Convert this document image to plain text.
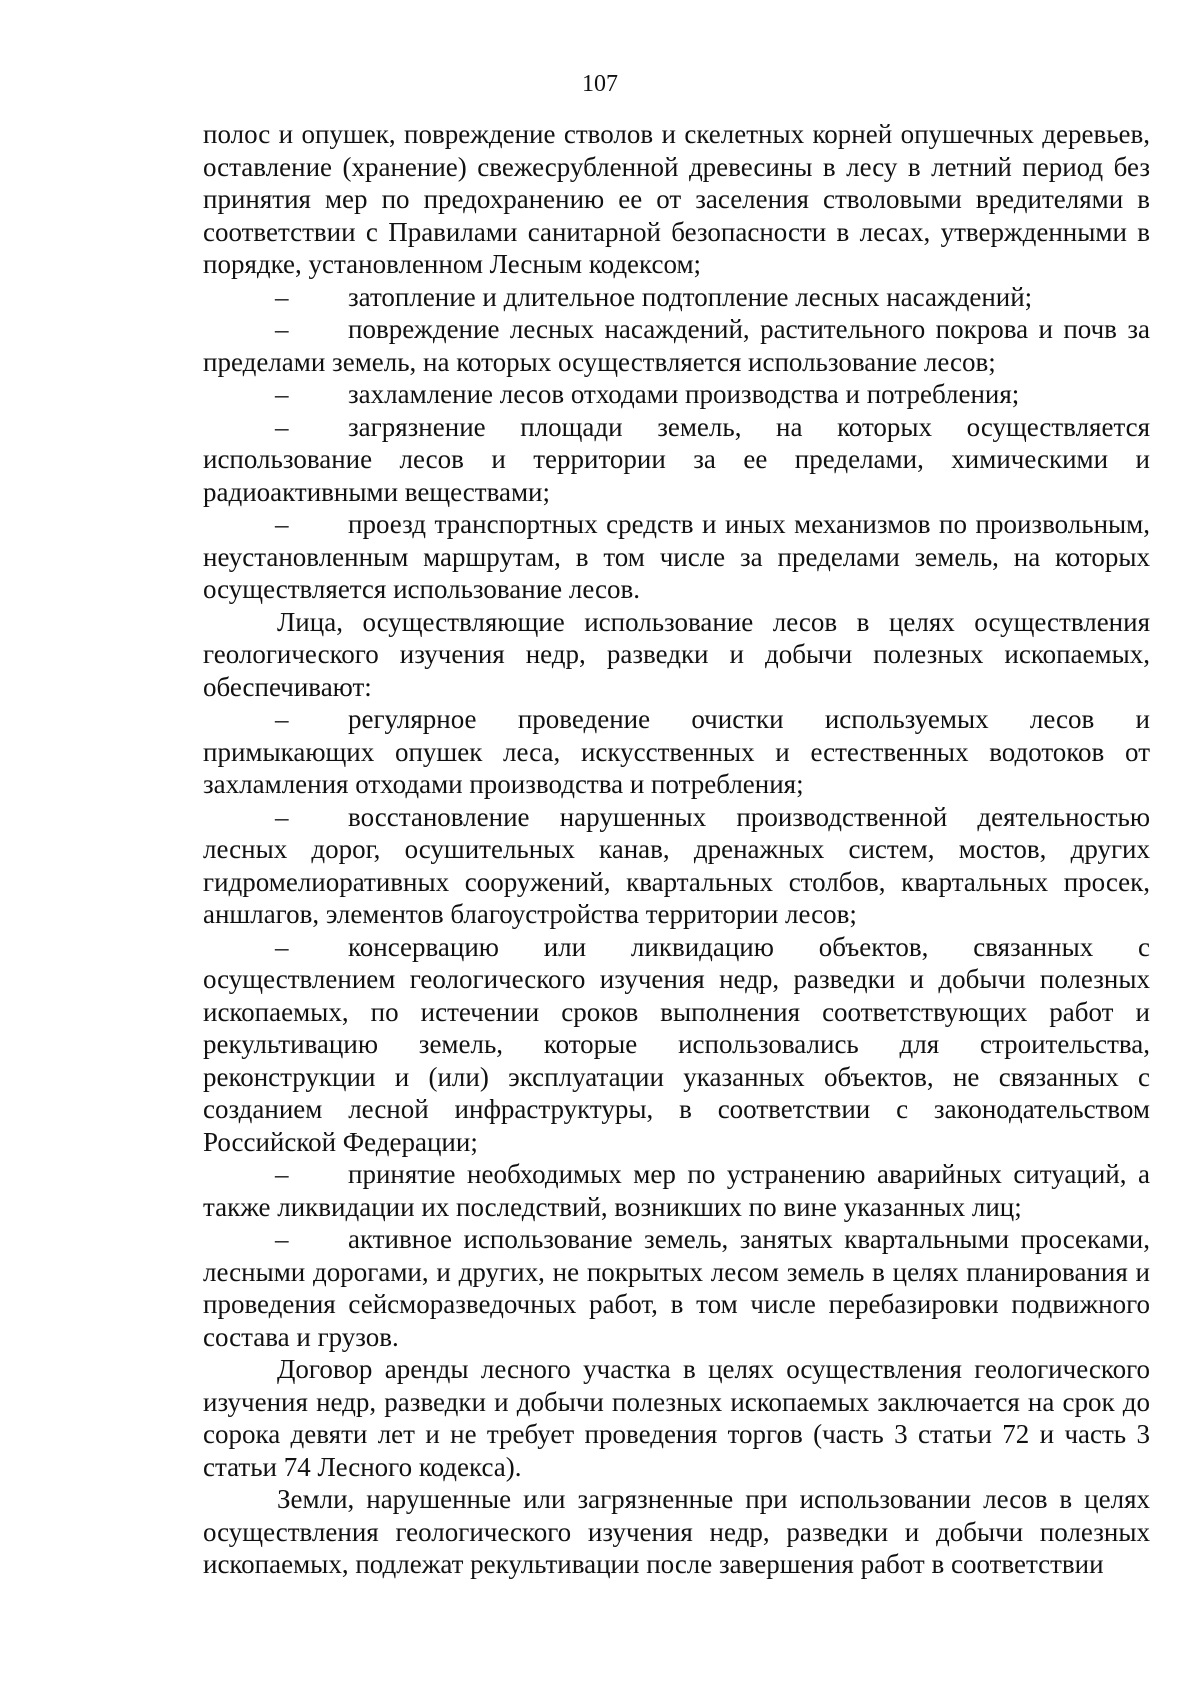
107

полос и опушек, повреждение стволов и скелетных корней опушечных деревьев, оставление (хранение) свежесрубленной древесины в лесу в летний период без принятия мер по предохранению ее от заселения стволовыми вредителями в соответствии с Правилами санитарной безопасности в лесах, утвержденными в порядке, установленном Лесным кодексом;

– затопление и длительное подтопление лесных насаждений;

– повреждение лесных насаждений, растительного покрова и почв за пределами земель, на которых осуществляется использование лесов;

– захламление лесов отходами производства и потребления;

– загрязнение площади земель, на которых осуществляется использование лесов и территории за ее пределами, химическими и радиоактивными веществами;

– проезд транспортных средств и иных механизмов по произвольным, неустановленным маршрутам, в том числе за пределами земель, на которых осуществляется использование лесов.

Лица, осуществляющие использование лесов в целях осуществления геологического изучения недр, разведки и добычи полезных ископаемых, обеспечивают:

– регулярное проведение очистки используемых лесов и примыкающих опушек леса, искусственных и естественных водотоков от захламления отходами производства и потребления;

– восстановление нарушенных производственной деятельностью лесных дорог, осушительных канав, дренажных систем, мостов, других гидромелиоративных сооружений, квартальных столбов, квартальных просек, аншлагов, элементов благоустройства территории лесов;

– консервацию или ликвидацию объектов, связанных с осуществлением геологического изучения недр, разведки и добычи полезных ископаемых, по истечении сроков выполнения соответствующих работ и рекультивацию земель, которые использовались для строительства, реконструкции и (или) эксплуатации указанных объектов, не связанных с созданием лесной инфраструктуры, в соответствии с законодательством Российской Федерации;

– принятие необходимых мер по устранению аварийных ситуаций, а также ликвидации их последствий, возникших по вине указанных лиц;

– активное использование земель, занятых квартальными просеками, лесными дорогами, и других, не покрытых лесом земель в целях планирования и проведения сейсморазведочных работ, в том числе перебазировки подвижного состава и грузов.

Договор аренды лесного участка в целях осуществления геологического изучения недр, разведки и добычи полезных ископаемых заключается на срок до сорока девяти лет и не требует проведения торгов (часть 3 статьи 72 и часть 3 статьи 74 Лесного кодекса).

Земли, нарушенные или загрязненные при использовании лесов в целях осуществления геологического изучения недр, разведки и добычи полезных ископаемых, подлежат рекультивации после завершения работ в соответствии
